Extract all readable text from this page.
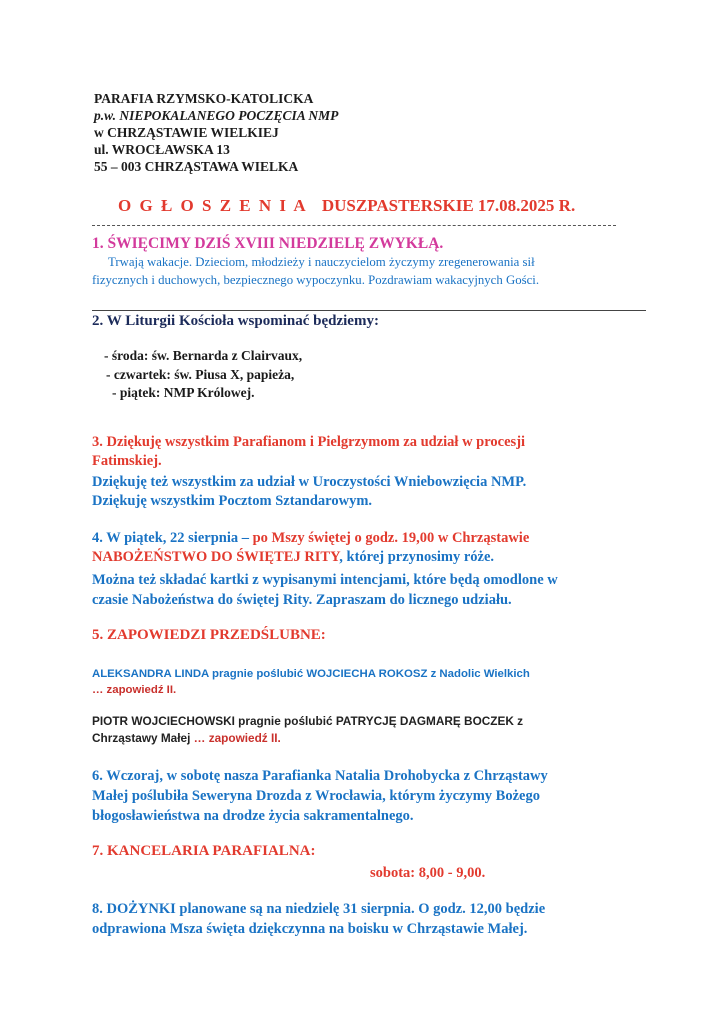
PARAFIA RZYMSKO-KATOLICKA
p.w. NIEPOKALANEGO POCZĘCIA NMP
w CHRZĄSTAWIE WIELKIEJ
ul. WROCŁAWSKA 13
55 – 003 CHRZĄSTAWA WIELKA
O G Ł O S Z E N I A DUSZPASTERSKIE 17.08.2025 R.
1. ŚWIĘCIMY DZIŚ XVIII NIEDZIELĘ ZWYKŁĄ.
Trwają wakacje. Dzieciom, młodzieży i nauczycielom życzymy zregenerowania sił
fizycznych i duchowych, bezpiecznego wypoczynku. Pozdrawiam wakacyjnych Gości.
2. W Liturgii Kościoła wspominać będziemy:
- środa: św. Bernarda z Clairvaux,
- czwartek: św. Piusa X, papieża,
- piątek: NMP Królowej.
3. Dziękuję wszystkim Parafianom i Pielgrzymom za udział w procesji
Fatimskiej.
Dziękuję też wszystkim za udział w Uroczystości Wniebowzięcia NMP.
Dziękuję wszystkim Pocztom Sztandarowym.
4. W piątek, 22 sierpnia – po Mszy świętej o godz. 19,00 w Chrząstawie
NABOŻEŃSTWO DO ŚWIĘTEJ RITY, której przynosimy róże.
Można też składać kartki z wypisanymi intencjami, które będą omodlone w
czasie Nabożeństwa do świętej Rity. Zapraszam do licznego udziału.
5. ZAPOWIEDZI PRZEDŚLUBNE:
ALEKSANDRA LINDA pragnie poślubić WOJCIECHA ROKOSZ z Nadolic Wielkich
… zapowiedź II.
PIOTR WOJCIECHOWSKI pragnie poślubić PATRYCJĘ DAGMARĘ BOCZEK z
Chrząstawy Małej … zapowiedź II.
6. Wczoraj, w sobotę nasza Parafianka Natalia Drohobycka z Chrząstawy
Małej poślubiła Seweryna Drozda z Wrocławia, którym życzymy Bożego
błogosławieństwa na drodze życia sakramentalnego.
7. KANCELARIA PARAFIALNA:
sobota: 8,00 - 9,00.
8. DOŻYNKI planowane są na niedzielę 31 sierpnia. O godz. 12,00 będzie
odprawiona Msza święta dziękczynna na boisku w Chrząstawie Małej.
